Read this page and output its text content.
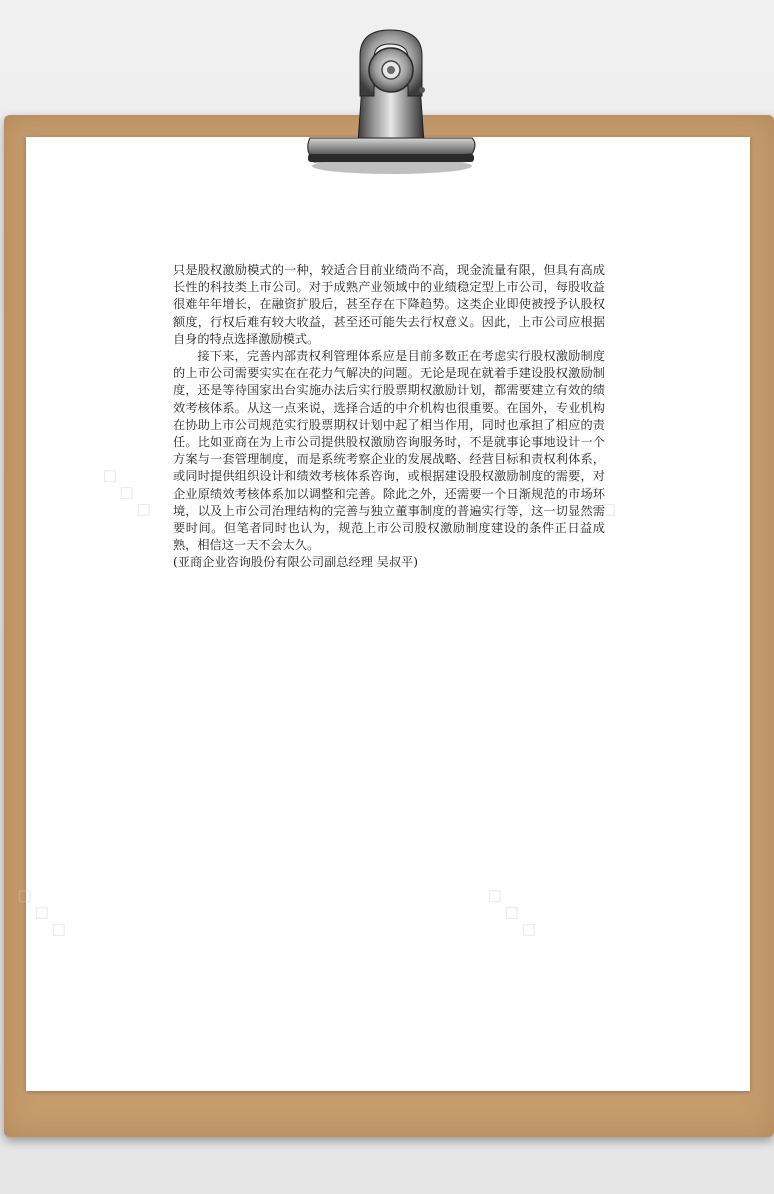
◇ ◇ ◇	◇ ◇ ◇
◇ ◇ ◇	◇ ◇ ◇

只是股权激励模式的一种，较适合目前业绩尚不高，现金流量有限，但具有高成长性的科技类上市公司。对于成熟产业领域中的业绩稳定型上市公司，每股收益很难年年增长，在融资扩股后，甚至存在下降趋势。这类企业即使被授予认股权额度，行权后难有较大收益，甚至还可能失去行权意义。因此，上市公司应根据自身的特点选择激励模式。

接下来，完善内部责权利管理体系应是目前多数正在考虑实行股权激励制度的上市公司需要实实在在花力气解决的问题。无论是现在就着手建设股权激励制度，还是等待国家出台实施办法后实行股票期权激励计划，都需要建立有效的绩效考核体系。从这一点来说，选择合适的中介机构也很重要。在国外，专业机构在协助上市公司规范实行股票期权计划中起了相当作用，同时也承担了相应的责任。比如亚商在为上市公司提供股权激励咨询服务时，不是就事论事地设计一个方案与一套管理制度，而是系统考察企业的发展战略、经营目标和责权利体系，或同时提供组织设计和绩效考核体系咨询，或根据建设股权激励制度的需要，对企业原绩效考核体系加以调整和完善。除此之外，还需要一个日渐规范的市场环境，以及上市公司治理结构的完善与独立董事制度的普遍实行等，这一切显然需要时间。但笔者同时也认为，规范上市公司股权激励制度建设的条件正日益成熟，相信这一天不会太久。

(亚商企业咨询股份有限公司副总经理 吴叔平)
